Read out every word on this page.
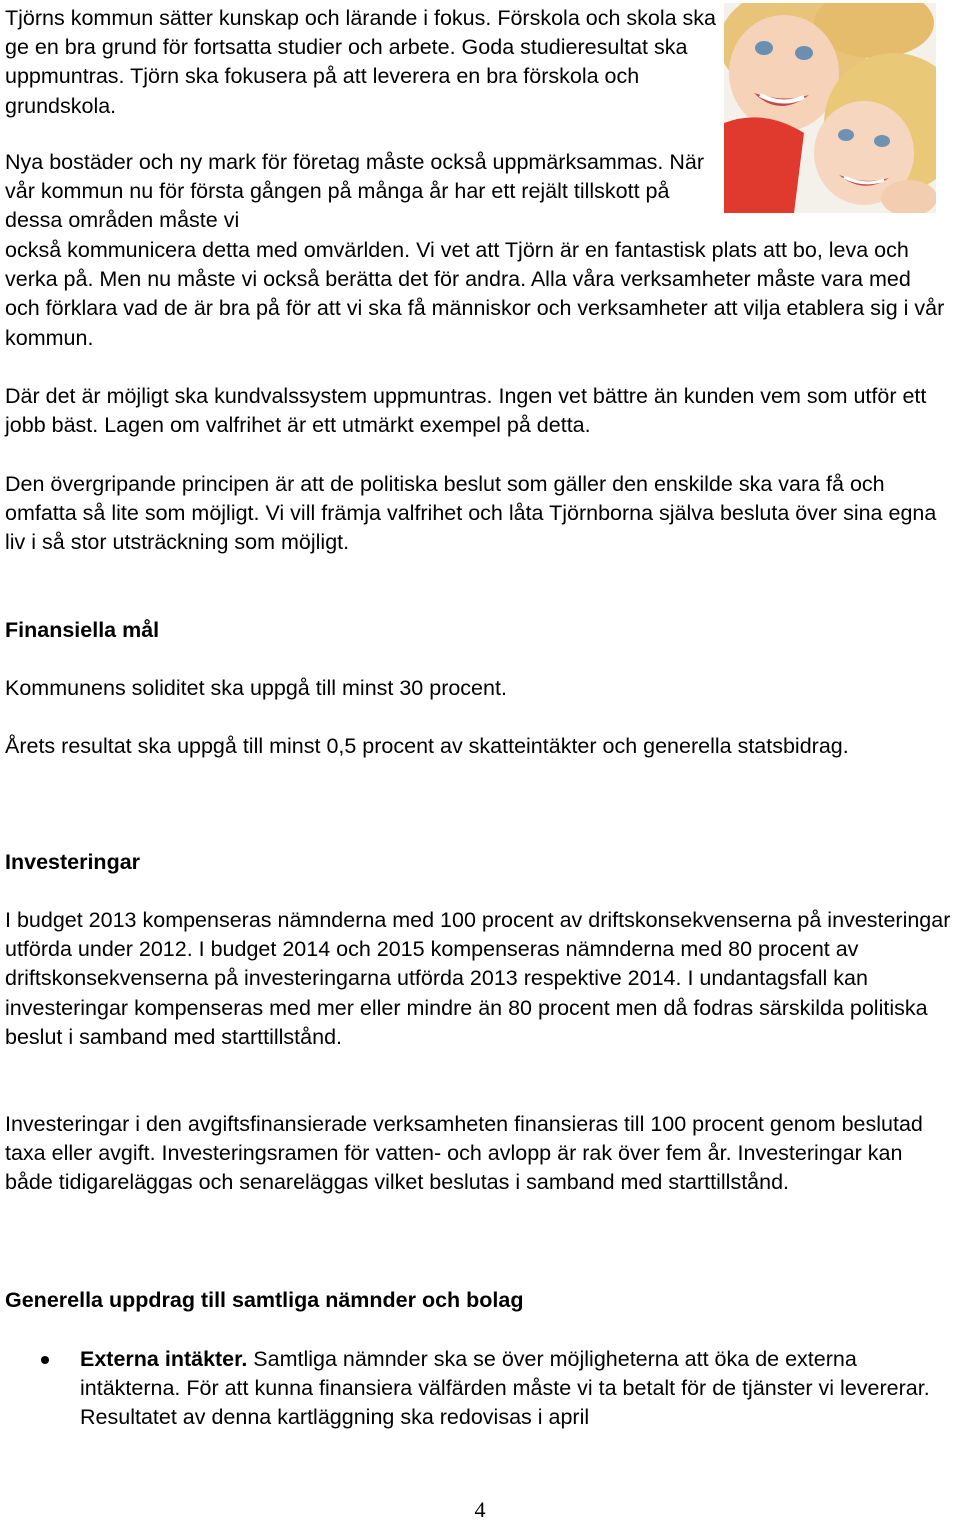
Tjörns kommun sätter kunskap och lärande i fokus. Förskola och skola ska ge en bra grund för fortsatta studier och arbete. Goda studieresultat ska uppmuntras. Tjörn ska fokusera på att leverera en bra förskola och grundskola.

Nya bostäder och ny mark för företag måste också uppmärksammas. När vår kommun nu för första gången på många år har ett rejält tillskott på dessa områden måste vi

också kommunicera detta med omvärlden. Vi vet att Tjörn är en fantastisk plats att bo, leva och verka på. Men nu måste vi också berätta det för andra. Alla våra verksamheter måste vara med och förklara vad de är bra på för att vi ska få människor och verksamheter att vilja etablera sig i vår kommun.

Där det är möjligt ska kundvalssystem uppmuntras. Ingen vet bättre än kunden vem som utför ett jobb bäst. Lagen om valfrihet är ett utmärkt exempel på detta.

Den övergripande principen är att de politiska beslut som gäller den enskilde ska vara få och omfatta så lite som möjligt. Vi vill främja valfrihet och låta Tjörnborna själva besluta över sina egna liv i så stor utsträckning som möjligt.

Finansiella mål

Kommunens soliditet ska uppgå till minst 30 procent.

Årets resultat ska uppgå till minst 0,5 procent av skatteintäkter och generella statsbidrag.

Investeringar

I budget 2013 kompenseras nämnderna med 100 procent av driftskonsekvenserna på investeringar utförda under 2012. I budget 2014 och 2015 kompenseras nämnderna med 80 procent av driftskonsekvenserna på investeringarna utförda 2013 respektive 2014. I undantagsfall kan investeringar kompenseras med mer eller mindre än 80 procent men då fodras särskilda politiska beslut i samband med starttillstånd.

Investeringar i den avgiftsfinansierade verksamheten finansieras till 100 procent genom beslutad taxa eller avgift. Investeringsramen för vatten- och avlopp är rak över fem år. Investeringar kan både tidigareläggas och senareläggas vilket beslutas i samband med starttillstånd.

Generella uppdrag till samtliga nämnder och bolag

Externa intäkter. Samtliga nämnder ska se över möjligheterna att öka de externa intäkterna. För att kunna finansiera välfärden måste vi ta betalt för de tjänster vi levererar. Resultatet av denna kartläggning ska redovisas i april
4
